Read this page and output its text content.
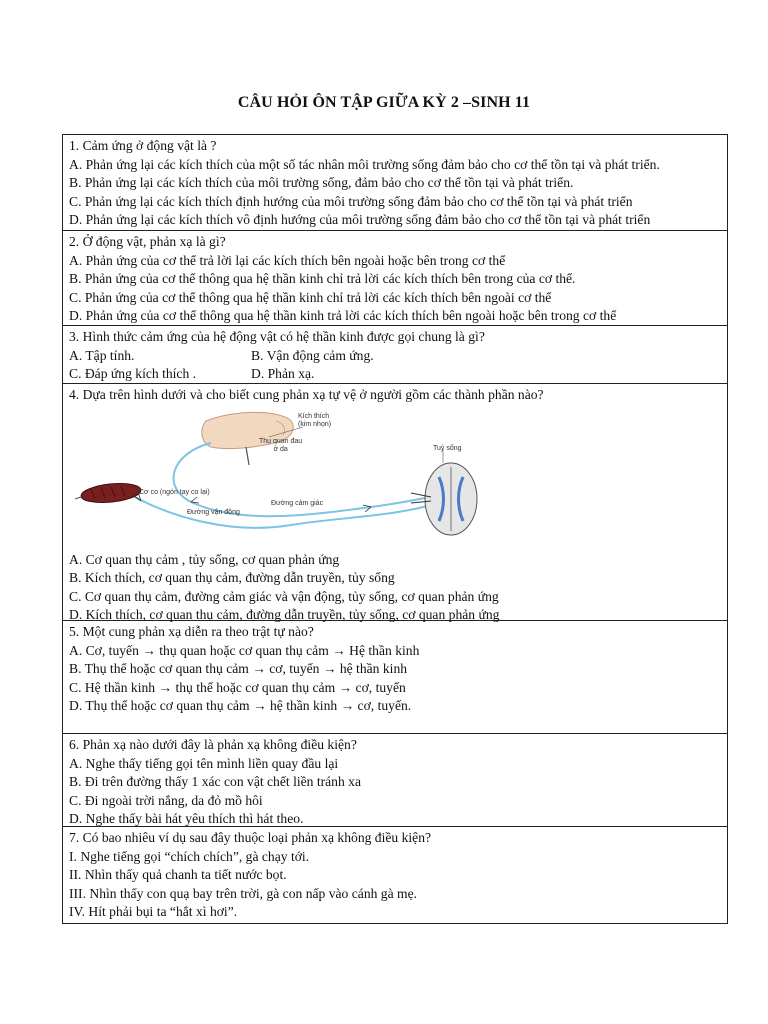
CÂU HỎI ÔN TẬP GIỮA KỲ 2 –SINH 11
1. Cảm ứng ở động vật là ?
A. Phản ứng lại các kích thích của một số tác nhân môi trường sống đảm bảo cho cơ thể tồn tại và phát triển.
B. Phản ứng lại các kích thích của môi trường sống, đảm bảo cho cơ thể tồn tại và phát triển.
C. Phản ứng lại các kích thích định hướng của môi trường sống đảm bảo cho cơ thể tồn tại và phát triển
D. Phản ứng lại các kích thích vô định hướng của môi trường sống đảm bảo cho cơ thể tồn tại và phát triển
2. Ở động vật, phản xạ là gì?
A. Phản ứng của cơ thể trả lời lại các kích thích bên ngoài hoặc bên trong cơ thể
B. Phản ứng của cơ thể thông qua hệ thần kinh chỉ trả lời các kích thích bên trong của cơ thể.
C. Phản ứng của cơ thể thông qua hệ thần kinh chỉ trả lời các kích thích bên ngoài cơ thể
D. Phản ứng của cơ thể thông qua hệ thần kinh trả lời các kích thích bên ngoài hoặc bên trong cơ thể
3. Hình thức cảm ứng của hệ động vật có hệ thần kinh được gọi chung là gì?
A. Tập tính.	B. Vận động cảm ứng.
C. Đáp ứng kích thích .	D. Phản xạ.
4. Dựa trên hình dưới và cho biết cung phản xạ tự vệ ở người gồm các thành phần nào?
Kích thích
(kim nhọn)
Thụ quan đau
ở da	Tuỷ sống
Cơ co (ngón tay co lại)
Đường vận động
Đường cảm giác
A. Cơ quan thụ cảm , tủy sống, cơ quan phản ứng
B. Kích thích, cơ quan thụ cảm, đường dẫn truyền, tủy sống
C. Cơ quan thụ cảm, đường cảm giác và vận động, tủy sống, cơ quan phản ứng
D. Kích thích, cơ quan thụ cảm, đường dẫn truyền, tủy sống, cơ quan phản ứng
5. Một cung phản xạ diễn ra theo trật tự nào?
A. Cơ, tuyến → thụ quan hoặc cơ quan thụ cảm → Hệ thần kinh
B. Thụ thể hoặc cơ quan thụ cảm → cơ, tuyến → hệ thần kinh
C. Hệ thần kinh → thụ thể hoặc cơ quan thụ cảm → cơ, tuyến
D. Thụ thể hoặc cơ quan thụ cảm → hệ thần kinh → cơ, tuyến.
6. Phản xạ nào dưới đây là phản xạ không điều kiện?
A. Nghe thấy tiếng gọi tên mình liền quay đầu lại
B. Đi trên đường thấy 1 xác con vật chết liền tránh xa
C. Đi ngoài trời nắng, da đỏ mồ hôi
D. Nghe thấy bài hát yêu thích thì hát theo.
7. Có bao nhiêu ví dụ sau đây thuộc loại phản xạ không điều kiện?
I. Nghe tiếng gọi “chích chích”, gà chạy tới.
II. Nhìn thấy quả chanh ta tiết nước bọt.
III. Nhìn thấy con quạ bay trên trời, gà con nấp vào cánh gà mẹ.
IV. Hít phải bụi ta “hắt xì hơi”.
